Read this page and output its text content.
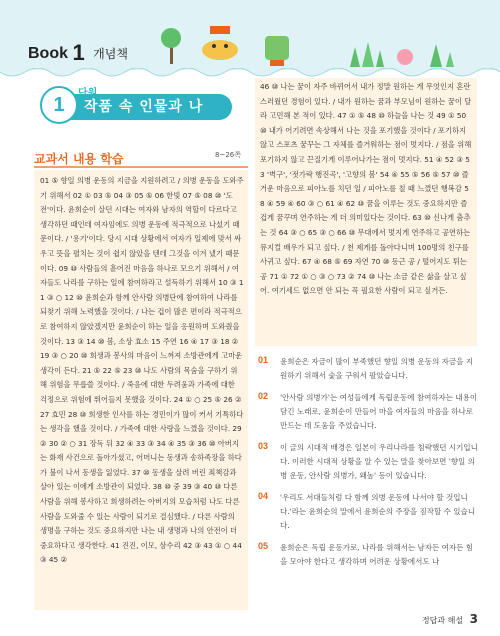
Book 1 개념책
1
단원
작품 속 인물과 나
교과서 내용 학습	8~26쪽
01 ⑤ 향일 의병 운동의 지금을 지원하려고 / 의병 운동을 도와주기 위해서 02 ① 03 ⑤ 04 ③ 05 ⑤ 06 한빛 07 ⑤ 08 ⑩ '도전'이다. 윤희순이 살던 시대는 여자와 남자의 역할이 다르다고 생각하던 때인데 여자임에도 의병 운동에 적극적으로 나섰기 때문이다. / '용기'이다. 당시 시대 상황에서 여자가 일제에 맞서 싸우고 뜻을 펼치는 것이 쉽지 않았을 텐데 그것을 이겨 냈기 때문이다. 09 ⑩ 사람들의 흩어진 마음을 하나로 모으기 위해서 / 여자들도 나라를 구하는 일에 참여하라고 설득하기 위해서 10 ③ 11 ③ ○ 12 ⑩ 윤희순과 함께 안사람 의병단에 참여하여 나라를 되찾기 위해 노력했을 것이다. / 나는 겁이 많은 편이라 적극적으로 참여하지 않았겠지만 윤희순이 하는 일을 응원하며 도와줬을 것이다. 13 ③ 14 ⑩ 봄, 소상 효소 15 주연 16 ④ 17 ③ 18 ② 19 ③ ○ 20 ⑩ 희생과 봉사의 마음이 느껴져 소방관에게 고마운 생각이 든다. 21 ⑤ 22 ⑤ 23 ⑩ 나도 사람의 목숨을 구하기 위해 위험을 무릅쓸 것이다. / 죽음에 대한 두려움과 가족에 대한 걱정으로 위험에 뛰어들지 못했을 것이다. 24 ① ○ 25 ⑤ 26 ② 27 효민 28 ⑩ 희생한 인사를 하는 경민이가 많이 커서 기특하다는 생각을 했을 것이다. / 가족에 대한 사랑을 느꼈을 것이다. 29 ② 30 ② ○ 31 장독 뒤 32 ④ 33 ③ 34 ④ 35 ③ 36 ⑩ 아버지는 화재 사건으로 돌아가셨고, 어머니는 동생과 송하족장을 하다가 불이 나서 동생을 잃었다. 37 ⑩ 동생을 살려 버린 죄책감과 살아 있는 이에게 소방관이 되었다. 38 ⑩ 중 39 ③ 40 ⑩ 다른 사람을 위해 봉사하고 희생하려는 아버지의 모습처럼 나도 다른 사람을 도와줄 수 있는 사람이 되기로 결심했다. / 다른 사람의 생명을 구하는 것도 중요하지만 나는 내 생명과 나의 안전이 더 중요하다고 생각한다. 41 진진, 이모, 삼수리 42 ③ 43 ① ○ 44 ③ 45 ②
46 ⑩ 나는 꿈이 자주 바뀌어서 내가 정말 원하는 게 무엇인지 혼란스러웠던 경험이 있다. / 내가 원하는 꿈과 부모님이 원하는 꿈이 달라 고민해 본 적이 있다. 47 ① ⑤ 48 ⑩ 하늘을 나는 것 49 ① 50 ⑩ 내가 어기려면 속상해서 나는 것을 포기했을 것이다 / 포기하지 않고 스포츠 꿈꾸는 그 자체를 즐거워하는 점이 멋지다. / 점을 위해 포기하지 않고 끈질기게 이루어나가는 점이 멋지다. 51 ④ 52 ③ 53 '벽구', '젓가락 행진곡', '고향의 봄' 54 ④ 55 ⑤ 56 ⑤ 57 ⑩ 즐거운 마음으로 피아노를 치던 일 / 피아노를 칠 때 느꼈던 행복감 58 ④ 59 ④ 60 ③ ○ 61 ④ 62 ⑩ 꿈을 이루는 것도 중요하지만 즐겁게 꿈꾸며 연주하는 게 더 의미있다는 것이다. 63 ⑩ 신나게 춤추는 것 64 ③ ○ 65 ③ ○ 66 ⑩ 무대에서 멋지게 연주하고 공연하는 뮤지컬 배우가 되고 싶다. / 천 제게를 돌아다니며 100명의 친구를 사귀고 싶다. 67 ④ 68 ⑤ 69 자연 70 ⑩ 동근 공 / 떨어지도 튀는 공 71 ① 72 ① ○ ③ ○ 73 ② 74 ⑩ 나는 소금 같은 삶을 살고 싶어. 여기세드 없으면 안 되는 꼭 필요한 사람이 되고 싶거든.
01	윤희순은 자금이 많이 부족했던 향일 의병 운동의 자금을 지원하기 위해서 숯을 구워서 팔았습니다.
02	'안사람 의병가'는 여성들에게 독립운동에 참여하자는 내용이 담긴 노래로, 윤희순이 만들어 마을 여자들의 마음을 하나로 만드는 데 도움을 주었습니다.
03	이 글의 시대적 배경은 일본이 우리나라를 침략했던 시기입니다. 이러한 시대적 상황을 알 수 있는 말을 찾아보면 '향일 의병 운동, 안사람 의병가, 왜놈' 등이 있습니다.
04	'우리도 서대들처럼 다 함께 의병 운동에 나서야 할 것입니다.'라는 윤희순의 말에서 윤희순의 주장을 짐작할 수 있습니다.
05	윤희순은 독립 운동가로, 나라를 위해서는 남자든 여자든 힘을 모아야 한다고 생각하며 어려운 상황에서도 나
정답과 해설 3
